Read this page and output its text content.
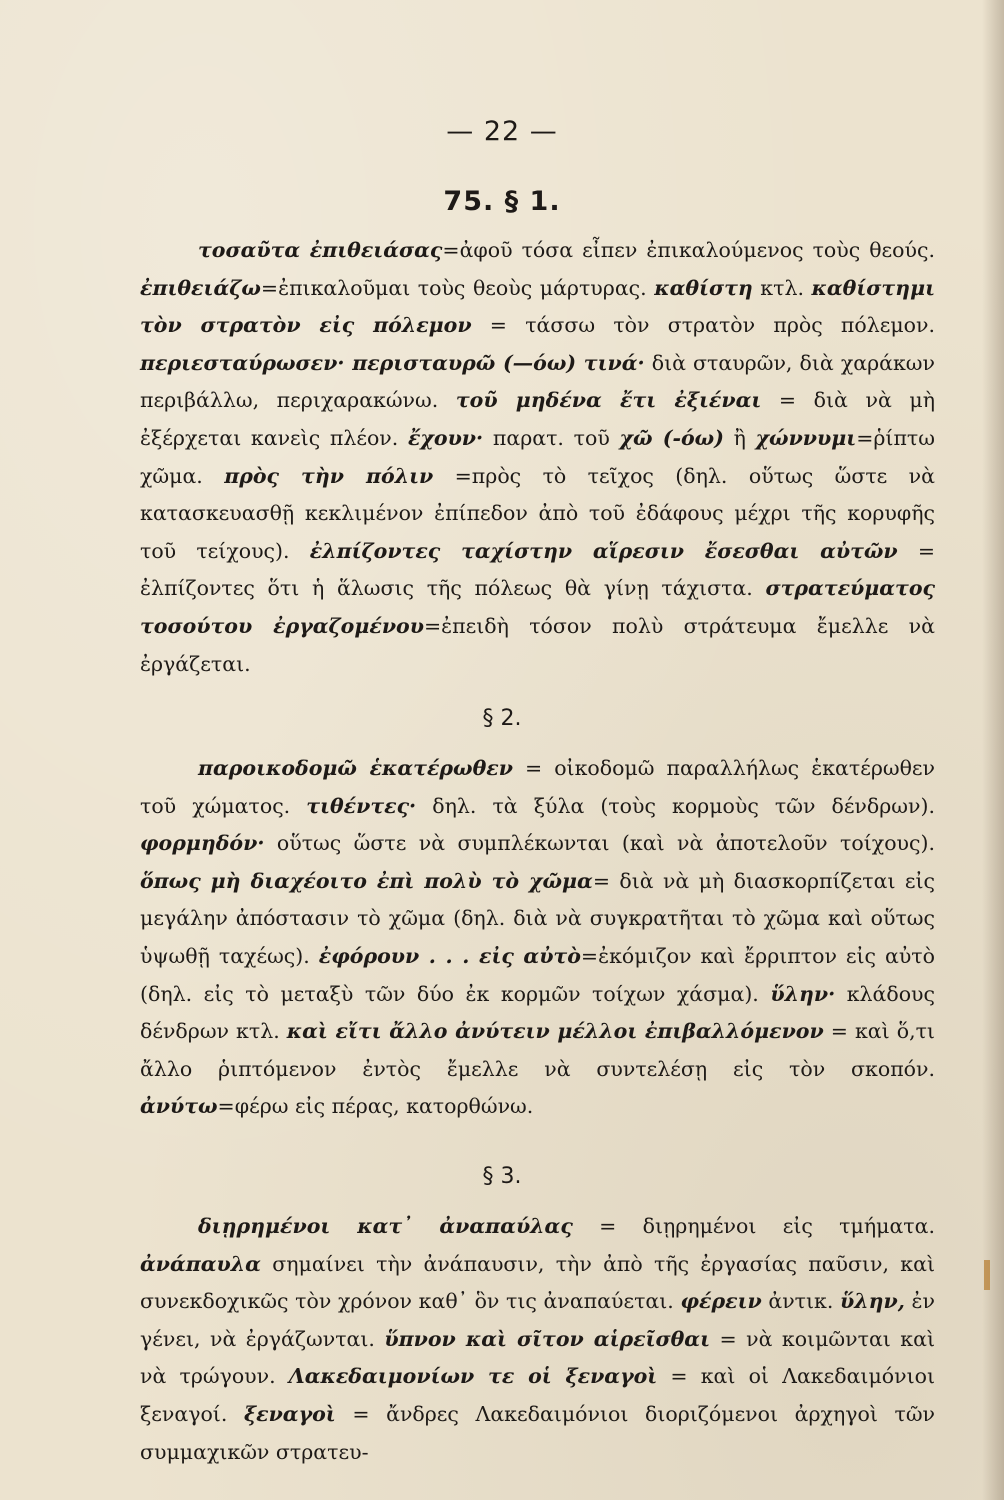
— 22 —
75. § 1.

τοσαῦτα ἐπιθειάσας=ἀφοῦ τόσα εἶπεν ἐπικαλούμενος τοὺς θεούς. ἐπιθειάζω=ἐπικαλοῦμαι τοὺς θεοὺς μάρτυρας. καθίστη κτλ. καθίστημι τὸν στρατὸν εἰς πόλεμον = τάσσω τὸν στρατὸν πρὸς πόλεμον. περιεσταύρωσεν· περισταυρῶ (—όω) τινά· διὰ σταυρῶν, διὰ χαράκων περιβάλλω, περιχαρακώνω. τοῦ μηδένα ἔτι ἐξιέναι = διὰ νὰ μὴ ἐξέρχεται κανεὶς πλέον. ἔχουν· παρατ. τοῦ χῶ (-όω) ἢ χώννυμι=ῥίπτω χῶμα. πρὸς τὴν πόλιν =πρὸς τὸ τεῖχος (δηλ. οὕτως ὥστε νὰ κατασκευασθῇ κεκλιμένον ἐπίπεδον ἀπὸ τοῦ ἐδάφους μέχρι τῆς κορυφῆς τοῦ τείχους). ἐλπίζοντες ταχίστην αἵρεσιν ἔσεσθαι αὐτῶν = ἐλπίζοντες ὅτι ἡ ἅλωσις τῆς πόλεως θὰ γίνῃ τάχιστα. στρατεύματος τοσούτου ἐργαζομένου=ἐπειδὴ τόσον πολὺ στράτευμα ἔμελλε νὰ ἐργάζεται.

§ 2.

παροικοδομῶ ἑκατέρωθεν = οἰκοδομῶ παραλλήλως ἑκατέρωθεν τοῦ χώματος. τιθέντες· δηλ. τὰ ξύλα (τοὺς κορμοὺς τῶν δένδρων). φορμηδόν· οὕτως ὥστε νὰ συμπλέκωνται (καὶ νὰ ἀποτελοῦν τοίχους). ὅπως μὴ διαχέοιτο ἐπὶ πολὺ τὸ χῶμα= διὰ νὰ μὴ διασκορπίζεται εἰς μεγάλην ἀπόστασιν τὸ χῶμα (δηλ. διὰ νὰ συγκρατῆται τὸ χῶμα καὶ οὕτως ὑψωθῇ ταχέως). ἐφόρουν . . . εἰς αὐτὸ=ἐκόμιζον καὶ ἔρριπτον εἰς αὐτὸ (δηλ. εἰς τὸ μεταξὺ τῶν δύο ἐκ κορμῶν τοίχων χάσμα). ὕλην· κλάδους δένδρων κτλ. καὶ εἴτι ἄλλο ἀνύτειν μέλλοι ἐπιβαλλόμενον = καὶ ὅ,τι ἄλλο ῥιπτόμενον ἐντὸς ἔμελλε νὰ συντελέσῃ εἰς τὸν σκοπόν. ἀνύτω=φέρω εἰς πέρας, κατορθώνω.

§ 3.

διῃρημένοι κατ᾽ ἀναπαύλας = διῃρημένοι εἰς τμήματα. ἀνάπαυλα σημαίνει τὴν ἀνάπαυσιν, τὴν ἀπὸ τῆς ἐργασίας παῦσιν, καὶ συνεκδοχικῶς τὸν χρόνον καθ᾽ ὃν τις ἀναπαύεται. φέρειν ἀντικ. ὕλην, ἐν γένει, νὰ ἐργάζωνται. ὕπνον καὶ σῖτον αἱρεῖσθαι = νὰ κοιμῶνται καὶ νὰ τρώγουν. Λακεδαιμονίων τε οἱ ξεναγοὶ = καὶ οἱ Λακεδαιμόνιοι ξεναγοί. ξεναγοὶ = ἄνδρες Λακεδαιμόνιοι διοριζόμενοι ἀρχηγοὶ τῶν συμμαχικῶν στρατευ-
